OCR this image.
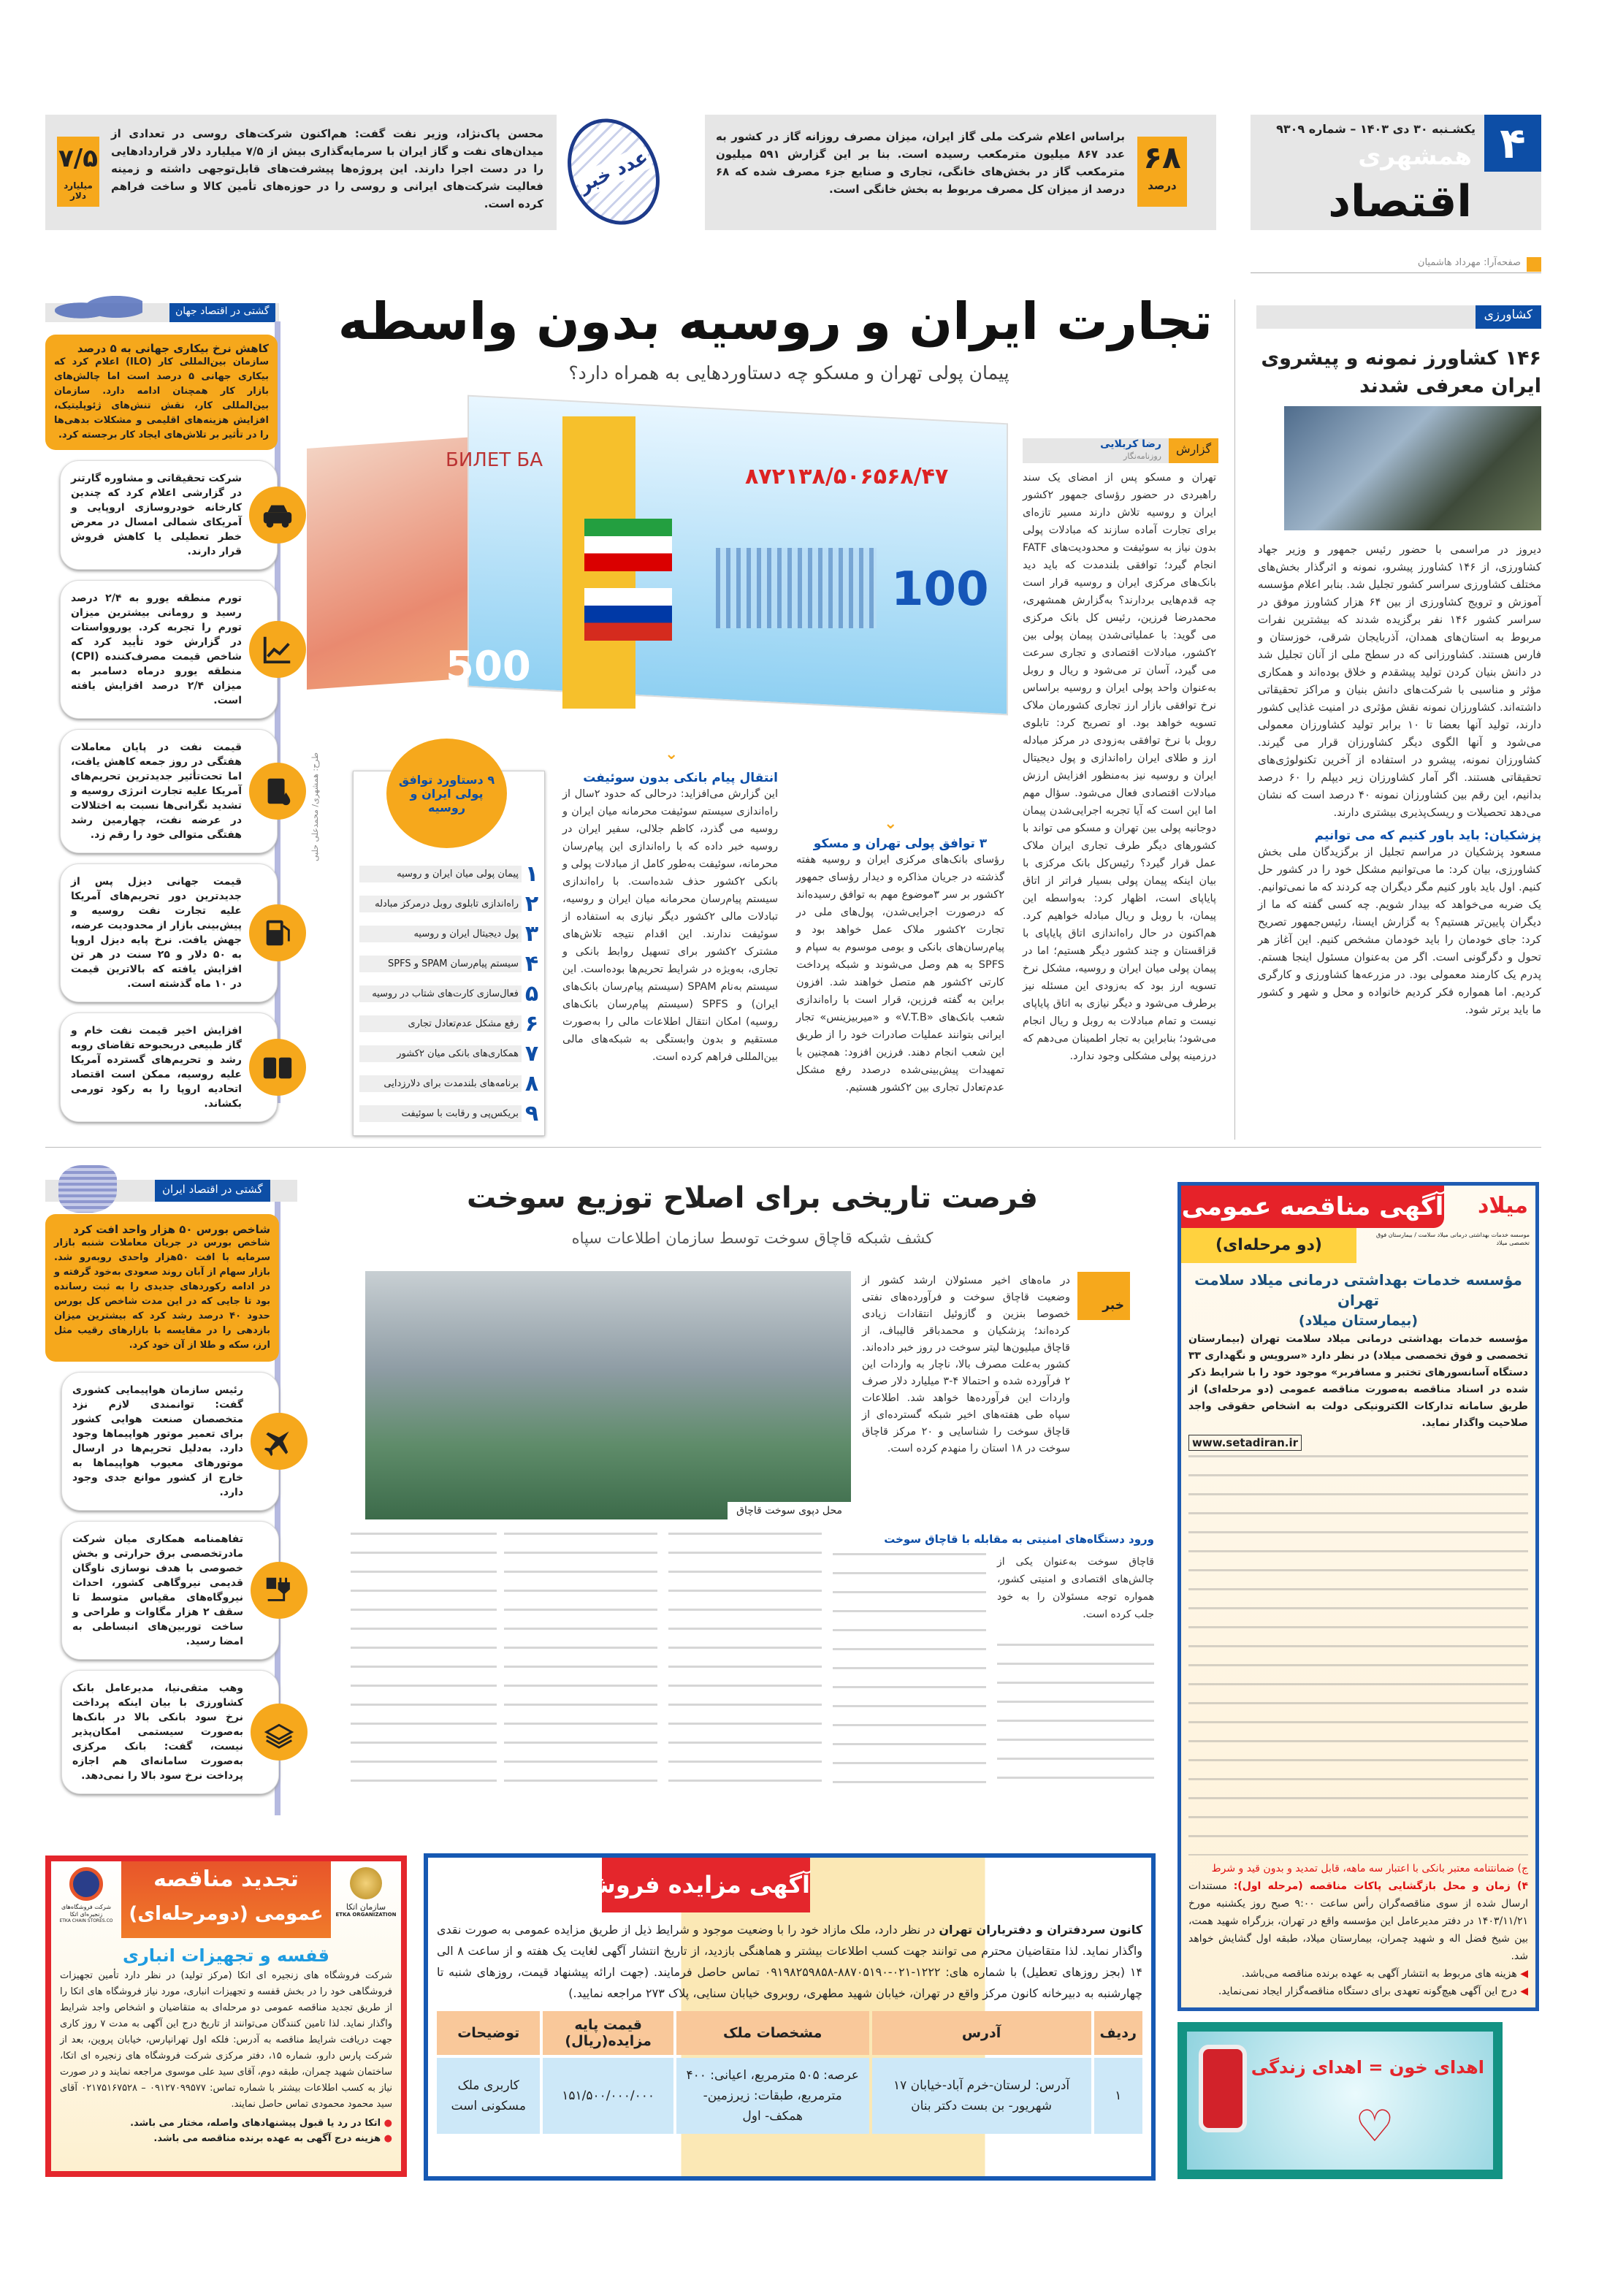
۴
یکشـنبه ۳۰ دی ۱۴۰۳ – شماره ۹۳۰۹
همشهری
اقتصاد
صفحه‌آرا: مهرداد هاشمیان
۶۸
درصد
براساس اعلام شرکت ملی گاز ایران، میزان مصرف روزانه گاز در کشور به عدد ۸۶۷ میلیون مترمکعب رسیده است. بنا بر این گزارش ۵۹۱ میلیون مترمکعب گاز در بخش‌های خانگی، تجاری و صنایع جزء مصرف شده که ۶۸ درصد از میزان کل مصرف مربوط به بخش خانگی است.
عدد خبر
۷/۵
میلیارد دلار
محسن پاک‌نژاد، وزیر نفت گفت: هم‌اکنون شرکت‌های روسی در تعدادی از میدان‌های نفت و گاز ایران با سرمایه‌گذاری بیش از ۷/۵ میلیارد دلار قراردادهایی را در دست اجرا دارند. این پروژه‌ها پیشرفت‌های قابل‌توجهی داشته و زمینه فعالیت شرکت‌های ایرانی و روسی را در حوزه‌های تأمین کالا و ساخت فراهم کرده است.
کشاورزی
۱۴۶ کشاورز نمونه و پیشروی ایران معرفی شدند
دیروز در مراسمی با حضور رئیس جمهور و وزیر جهاد کشاورزی، از ۱۴۶ کشاورز پیشرو، نمونه و اثرگذار بخش‌های مختلف کشاورزی سراسر کشور تجلیل شد. بنابر اعلام مؤسسه آموزش و ترویج کشاورزی از بین ۶۴ هزار کشاورز موفق در سراسر کشور ۱۴۶ نفر برگزیده شدند که بیشترین نفرات مربوط به استان‌های همدان، آذربایجان شرقی، خوزستان و فارس هستند. کشاورزانی که در سطح ملی از آنان تجلیل شد در دانش بنیان کردن تولید پیشقدم و خلاق بوده‌اند و همکاری مؤثر و مناسبی با شرکت‌های دانش بنیان و مراکز تحقیقاتی داشته‌اند. کشاورزان نمونه نقش مؤثری در امنیت غذایی کشور دارند، تولید آنها بعضا تا ۱۰ برابر تولید کشاورزان معمولی می‌شود و آنها الگوی دیگر کشاورزان قرار می گیرند. کشاورزان نمونه، پیشرو در استفاده از آخرین تکنولوژی‌های تحقیقاتی هستند. اگر آمار کشاورزان زیر دیپلم را ۶۰ درصد بدانیم، این رقم بین کشاورزان نمونه ۴۰ درصد است که نشان می‌دهد تحصیلات و ریسک‌پذیری بیشتری دارند.
پزشکیان: باید باور کنیم که می توانیم
مسعود پزشکیان در مراسم تجلیل از برگزیدگان ملی بخش کشاورزی، بیان کرد: ما می‌توانیم مشکل خود را در کشور حل کنیم. اول باید باور کنیم مگر دیگران چه کردند که ما نمی‌توانیم. یک ضربه می‌خواهد که بیدار شویم. چه کسی گفته که ما از دیگران پایین‌تر هستیم؟ به گزارش ایسنا، رئیس‌جمهور تصریح کرد: جای خودمان را باید خودمان مشخص کنیم. این آغاز هر تحول و دگرگونی است. اگر من به‌عنوان مسئول اینجا هستم. پدرم یک کارمند معمولی بود. در مزرعه‌ها کشاورزی و کارگری کردیم. اما همواره فکر کردیم خانواده و محل و شهر و کشور ما باید برتر شود.
تجارت ایران و روسیه بدون واسطه
پیمان پولی تهران و مسکو چه دستاوردهایی به همراه دارد؟
БИЛЕТ БА
500
۸۷۲۱۳۸/۵۰۶۵۶۸/۴۷
100
طرح: همشهری/ محمدعلی حلبی
گزارش
رضا کربلایی
روزنامه‌نگار
تهران و مسکو پس از امضای یک سند راهبردی در حضور رؤسای جمهور ۲کشور ایران و روسیه تلاش دارند مسیر تازه‌ای برای تجارت آماده سازند که مبادلات پولی بدون نیاز به سوئیفت و محدودیت‌های FATF انجام گیرد؛ توافقی بلندمدت که باید دید بانک‌های مرکزی ایران و روسیه قرار است چه قدم‌هایی بردارند؟ به‌گزارش همشهری، محمدرضا فرزین، رئیس کل بانک مرکزی می گوید: با عملیاتی‌شدن پیمان پولی بین ۲کشور، مبادلات اقتصادی و تجاری سرعت می گیرد، آسان تر می‌شود و ریال و روبل به‌عنوان واحد پولی ایران و روسیه براساس نرخ توافقی بازار ارز تجاری کشورمان ملاک تسویه خواهد بود. او تصریح کرد: تابلوی روبل با نرخ توافقی به‌زودی در مرکز مبادله ارز و طلای ایران راه‌اندازی و پول دیجیتال ایران و روسیه نیز به‌منظور افزایش ارزش مبادلات اقتصادی فعال می‌شود. سؤال مهم اما این است که آیا تجربه اجرایی‌شدن پیمان دوجانبه پولی بین تهران و مسکو می تواند با کشورهای دیگر طرف تجاری ایران ملاک عمل قرار گیرد؟ رئیس‌کل بانک مرکزی با بیان اینکه پیمان پولی بسیار فراتر از اتاق پایاپای است، اظهار کرد: به‌واسطه این پیمان، با روبل و ریال مبادله خواهیم کرد. هم‌اکنون در حال راه‌اندازی اتاق پایاپای با قزاقستان و چند کشور دیگر هستیم؛ اما در پیمان پولی میان ایران و روسیه، مشکل نرخ تسویه ارز بود که به‌زودی این مسئله نیز برطرف می‌شود و دیگر نیازی به اتاق پایاپای نیست و تمام مبادلات به روبل و ریال انجام می‌شود؛ بنابراین به تجار اطمینان می‌دهم که درزمینه پولی مشکلی وجود ندارد.
⌄
۳ توافق پولی تهران و مسکو
رؤسای بانک‌های مرکزی ایران و روسیه هفته گذشته در جریان مذاکره و دیدار رؤسای جمهور ۲کشور بر سر ۳موضوع مهم به توافق رسیده‌اند که درصورت اجرایی‌شدن، پول‌های ملی در تجارت ۲کشور ملاک عمل خواهد بود و پیام‌رسان‌های بانکی و بومی موسوم به سپام و SPFS به هم وصل می‌شوند و شبکه پرداخت کارتی ۲کشور هم متصل خواهند شد. افزون براین به گفته فرزین، قرار است با راه‌اندازی شعب بانک‌های «V.T.B» و «میربیزینس» تجار ایرانی بتوانند عملیات صادرات خود را از طریق این شعب انجام دهند. فرزین افزود: همچنین با تمهیدات پیش‌بینی‌شده درصدد رفع مشکل عدم‌تعادل تجاری بین ۲کشور هستیم.
⌄
انتقال پیام بانکی بدون سوئیفت
این گزارش می‌افزاید: درحالی که حدود ۲سال از راه‌اندازی سیستم سوئیفت محرمانه میان ایران و روسیه می گذرد، کاظم جلالی، سفیر ایران در روسیه خبر داده که با راه‌اندازی این پیام‌رسان محرمانه، سوئیفت به‌طور کامل از مبادلات پولی و بانکی ۲کشور حذف شده‌است. با راه‌اندازی سیستم پیام‌رسان محرمانه میان ایران و روسیه، تبادلات مالی ۲کشور دیگر نیازی به استفاده از سوئیفت ندارند. این اقدام نتیجه تلاش‌های مشترک ۲کشور برای تسهیل روابط بانکی و تجاری، به‌ویژه در شرایط تحریم‌ها بوده‌است. این سیستم به‌نام SPAM (سیستم پیام‌رسان بانک‌های ایران) و SPFS (سیستم پیام‌رسان بانک‌های روسیه) امکان انتقال اطلاعات مالی را به‌صورت مستقیم و بدون وابستگی به شبکه‌های مالی بین‌المللی فراهم کرده است.
۹ دستاورد توافق پولی ایران و روسیه
۱
پیمان پولی میان ایران و روسیه
۲
راه‌اندازی تابلوی روبل درمرکز مبادله
۳
پول دیجیتال ایران و روسیه
۴
سیستم پیام‌رسان SPAM و SPFS
۵
فعال‌سازی کارت‌های شتاب در روسیه
۶
رفع مشکل عدم‌تعادل تجاری
۷
همکاری‌های بانکی میان ۲کشور
۸
برنامه‌های بلندمدت برای دلارزدایی
۹
بریکس‌پی و رقابت با سوئیفت
گشتی در اقتصاد جهان
کاهش نرخ بیکاری جهانی به ۵ درصد
سازمان بین‌المللی کار (ILO) اعلام کرد که بیکاری جهانی ۵ درصد است اما چالش‌های بازار کار همچنان ادامه دارد. سازمان بین‌المللی کار، نقش تنش‌های ژئوپلیتیک، افزایش هزینه‌های اقلیمی و مشکلات بدهی‌ها را در تأثیر بر تلاش‌های ایجاد کار برجسته کرد.
شرکت تحقیقاتی و مشاوره گارتنر در گزارشی اعلام کرد که چندین کارخانه خودروسازی اروپایی و آمریکای شمالی امسال در معرض خطر تعطیلی یا کاهش فروش قرار دارند.
تورم منطقه یورو به ۲/۴ درصد رسید و رومانی بیشترین میزان تورم را تجربه کرد. یوروواستات در گزارش خود تأیید کرد که شاخص قیمت مصرف‌کننده (CPI) منطقه یورو درماه دسامبر به میزان ۲/۴ درصد افزایش یافته است.
قیمت نفت در پایان معاملات هفتگی در روز جمعه کاهش یافت، اما تحت‌تأثیر جدیدترین تحریم‌های آمریکا علیه تجارت انرژی روسیه و تشدید نگرانی‌ها نسبت به اختلالات در عرضه نفت، چهارمین رشد هفتگی متوالی خود را رقم زد.
قیمت جهانی دیزل پس از جدیدترین دور تحریم‌های آمریکا علیه تجارت نفت روسیه و پیش‌بینی بازار از محدودیت عرضه، جهش یافت. نرخ پایه دیزل اروپا به ۵۰ دلار و ۲۵ سنت در هر تن افزایش یافته که بالاترین قیمت در ۱۰ ماه گذشته است.
افزایش اخیر قیمت نفت خام و گاز طبیعی دربحبوحه تقاضای روبه رشد و تحریم‌های گسترده آمریکا علیه روسیه، ممکن است اقتصاد اتحادیه اروپا را به رکود تورمی بکشاند.
گشتی در اقتصاد ایران
شاخص بورس ۵۰ هزار واحد افت کرد
شاخص بورس در جریان معاملات شنبه بازار سرمایه با افت ۵۰هزار واحدی روبه‌رو شد. بازار سهام از آبان روند صعودی به‌خود گرفته و در ادامه رکوردهای جدیدی را به ثبت رسانده بود تا جایی که در این مدت شاخص کل بورس حدود ۴۰ درصد رشد کرد که بیشترین میزان بازدهی را در مقایسه با بازارهای رقیب مثل ارز، سکه و طلا از آن خود کرد.
رئیس سازمان هواپیمایی کشوری گفت: توانمندی لازم نزد متخصصان صنعت هوایی کشور برای تعمیر موتور هواپیماها وجود دارد. به‌دلیل تحریم‌ها در ارسال موتورهای معیوب هواپیماها به خارج از کشور موانع جدی وجود دارد.
تفاهمنامه همکاری میان شرکت مادرتخصصی برق حرارتی و بخش خصوصی با هدف نوسازی ناوگان قدیمی نیروگاهی کشور، احداث نیروگاه‌های مقیاس متوسط تا سقف ۲ هزار مگاوات و طراحی و ساخت توربین‌های انبساطی به امضا رسید.
وهب متقی‌نیا، مدیرعامل بانک کشاورزی با بیان اینکه پرداخت نرخ سود بانکی بالا در بانک‌ها به‌صورت سیستمی امکان‌پذیر نیست، گفت: بانک مرکزی به‌صورت سامانه‌ای هم اجازه پرداخت نرخ سود بالا را نمی‌دهد.
فرصت تاریخی برای اصلاح توزیع سوخت
کشف شبکه قاچاق سوخت توسط سازمان اطلاعات سپاه
محل دپوی سوخت قاچاق
خبر
در ماه‌های اخیر مسئولان ارشد کشور از وضعیت قاچاق سوخت و فرآورده‌های نفتی خصوصا بنزین و گازوئیل انتقادات زیادی کرده‌اند؛ پزشکیان و محمدباقر قالیباف، از قاچاق میلیون‌ها لیتر سوخت در روز خبر داده‌اند. کشور به‌علت مصرف بالا، ناچار به واردات این ۲ فرآورده شده و احتمالا ۴-۳ میلیارد دلار صرف واردات این فرآورده‌ها خواهد شد. اطلاعات سپاه طی هفته‌های اخیر شبکه گسترده‌ای از قاچاق سوخت را شناسایی و ۲۰ مرکز قاچاق سوخت در ۱۸ استان را منهدم کرده است.
ورود دستگاه‌های امنیتی به مقابله با قاچاق سوخت
قاچاق سوخت به‌عنوان یکی از چالش‌های اقتصادی و امنیتی کشور، همواره توجه مسئولان را به خود جلب کرده است.
آگهی مناقصه عمومی
(دو مرحله‌ای)
میلاد
موسسه خدمات بهداشتی درمانی میلاد سلامت / بیمارستان فوق تخصصی میلاد
مؤسسه خدمات بهداشتی درمانی میلاد سلامت تهران
(بیمارستان میلاد)
مؤسسه خدمات بهداشتی درمانی میلاد سلامت تهران (بیمارستان تخصصی و فوق تخصصی میلاد) در نظر دارد «سرویس و نگهداری ۳۳ دستگاه آسانسورهای تختبر و مسافربر» موجود خود را با شرایط ذکر شده در اسناد مناقصه به‌صورت مناقصه عمومی (دو مرحله‌ای) از طریق سامانه تدارکات الکترونیکی دولت به اشخاص حقوقی واجد صلاحیت واگذار نماید.
www.setadiran.ir
ج) ضمانتنامه معتبر بانکی با اعتبار سه ماهه، قابل تمدید و بدون قید و شرط
۴) زمان و محل بازگشایی پاکات مناقصه (مرحله اول): مستندات ارسال شده از سوی مناقصه‌گران رأس ساعت ۹:۰۰ صبح روز یکشنبه مورخ ۱۴۰۳/۱۱/۲۱ در دفتر مدیرعامل این مؤسسه واقع در تهران، بزرگراه شهید همت، بین شیخ فضل اله و شهید چمران، بیمارستان میلاد، طبقه اول گشایش خواهد شد.
◀ هزینه های مربوط به انتشار آگهی به عهده برنده مناقصه می‌باشد.
◀ درج این آگهی هیچ‌گونه تعهدی برای دستگاه مناقصه‌گزار ایجاد نمی‌نماید.
♡
اهدای خون = اهدای زندگی
تجدید مناقصه
عمومی (دومرحله‌ای)	سازمان اتکا
ETKA ORGANIZATION
شرکت فروشگاه‌های زنجیره‌ای اتکا
ETKA CHAIN STORES.CO
قفسه و تجهیزات انباری
شرکت فروشگاه های زنجیره ای اتکا (مرکز تولید) در نظر دارد تأمین تجهیزات فروشگاهی خود را در بخش قفسه و تجهیزات انباری، مورد نیاز فروشگاه های اتکا را از طریق تجدید مناقصه عمومی دو مرحله‌ای به متقاضیان و اشخاص واجد شرایط واگذار نماید. لذا تامین کنندگان می‌توانند از تاریخ درج این آگهی به مدت ۷ روز کاری جهت دریافت شرایط مناقصه به آدرس: فلکه اول تهرانپارس، خیابان پروین، بعد از شرکت پارس دارو، شماره ۱۵، دفتر مرکزی شرکت فروشگاه های زنجیره ای اتکا، ساختمان شهید چمران، طبقه دوم، آقای سید علی موسوی مراجعه نمایند و در صورت نیاز به کسب اطلاعات بیشتر با شماره تماس: ۰۹۱۲۷۰۹۹۵۷۷ – ۰۲۱۷۵۱۶۷۵۲۸ آقای سید محمود محمودی تماس حاصل نمایند.
● اتکا در رد یا قبول پیشنهادهای واصله، مختار می باشد.
● هزینه درج آگهی به عهده برنده مناقصه می باشد.
آگهی مزایده فروش ملک
کانون سردفتران و دفتریاران تهران در نظر دارد، ملک مازاد خود را با وضعیت موجود و شرایط ذیل از طریق مزایده عمومی به صورت نقدی واگذار نماید. لذا متقاضیان محترم می توانند جهت کسب اطلاعات بیشتر و هماهنگی بازدید، از تاریخ انتشار آگهی لغایت یک هفته و از ساعت ۸ الی ۱۴ (بجز روزهای تعطیل) با شماره های: ۱۲۲۲-۰۲۱-۸۸۷۰۵۱۹۰-۰۹۱۹۸۲۵۹۸۵۸ تماس حاصل فرمایند. (جهت ارائه پیشنهاد قیمت، روزهای شنبه تا چهارشنبه به دبیرخانه کانون مرکز واقع در تهران، خیابان شهید مطهری، روبروی خیابان سنایی، پلاک ۲۷۳ مراجعه نمایید.)
ردیف	آدرس	مشخصات ملک	قیمت پایه مزایده(ریال)	توضیحات
۱	آدرس: لرستان-خرم آباد-خیابان ۱۷ شهریور- بن بست دکتر بنان	عرصه: ۵۰۵ مترمربع، اعیانی: ۴۰۰ مترمربع، طبقات: زیرزمین- همکف- اول	۱۵۱/۵۰۰/۰۰۰/۰۰۰	کاربری ملک مسکونی است
